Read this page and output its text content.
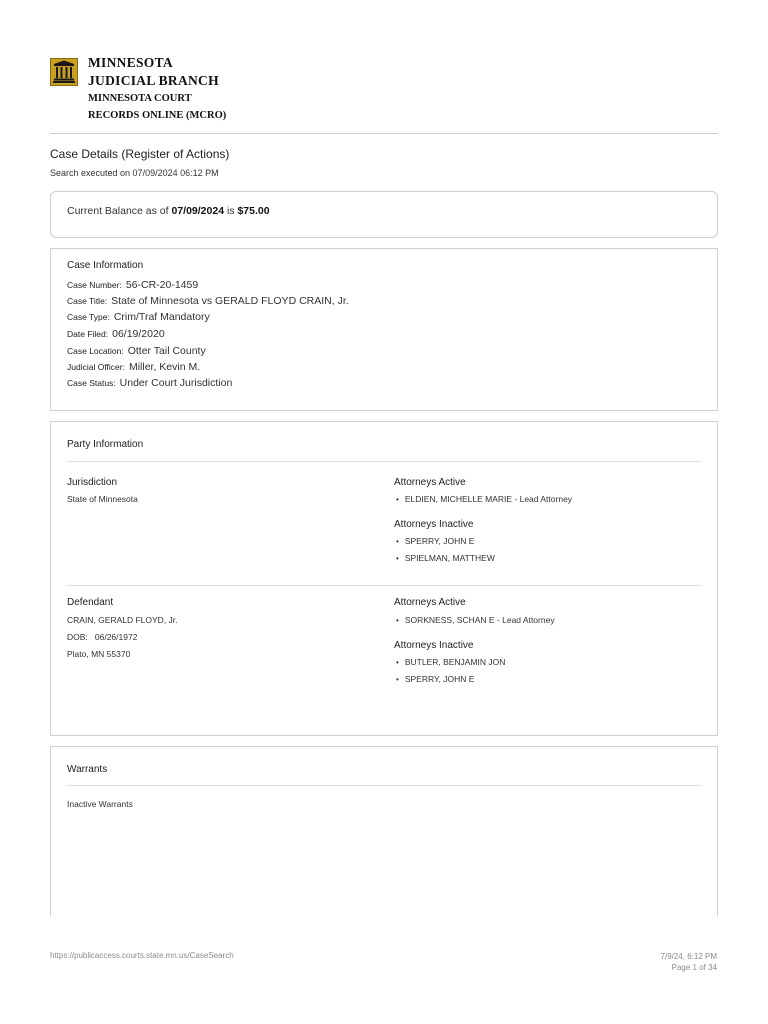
MINNESOTA
JUDICIAL BRANCH
MINNESOTA COURT
RECORDS ONLINE (MCRO)
Case Details (Register of Actions)
Search executed on 07/09/2024 06:12 PM
Current Balance as of 07/09/2024 is $75.00
Case Information
Case Number: 56-CR-20-1459
Case Title: State of Minnesota vs GERALD FLOYD CRAIN, Jr.
Case Type: Crim/Traf Mandatory
Date Filed: 06/19/2020
Case Location: Otter Tail County
Judicial Officer: Miller, Kevin M.
Case Status: Under Court Jurisdiction
Party Information
Jurisdiction
State of Minnesota
Attorneys Active
• ELDIEN, MICHELLE MARIE - Lead Attorney
Attorneys Inactive
• SPERRY, JOHN E
• SPIELMAN, MATTHEW
Defendant
CRAIN, GERALD FLOYD, Jr.
DOB: 06/26/1972
Plato, MN 55370
Attorneys Active
• SORKNESS, SCHAN E - Lead Attorney
Attorneys Inactive
• BUTLER, BENJAMIN JON
• SPERRY, JOHN E
Warrants
Inactive Warrants
https://publicaccess.courts.state.mn.us/CaseSearch	7/9/24, 6:12 PM
Page 1 of 34
